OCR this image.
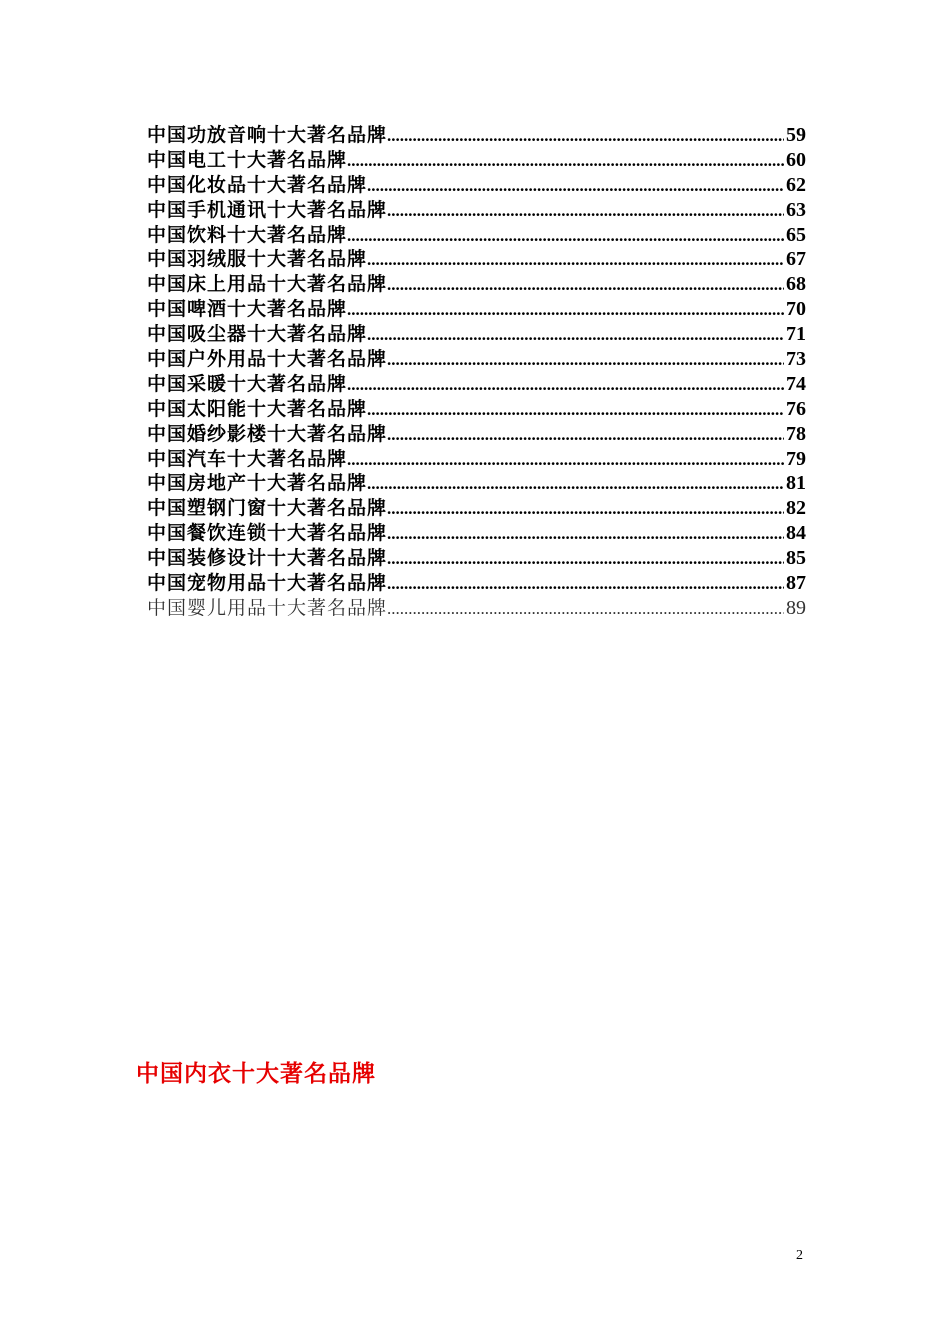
中国功放音响十大著名品牌 .....	59
中国电工十大著名品牌 .....	60
中国化妆品十大著名品牌 .....	62
中国手机通讯十大著名品牌 .....	63
中国饮料十大著名品牌 .....	65
中国羽绒服十大著名品牌 .....	67
中国床上用品十大著名品牌 .....	68
中国啤酒十大著名品牌 .....	70
中国吸尘器十大著名品牌 .....	71
中国户外用品十大著名品牌 .....	73
中国采暖十大著名品牌 .....	74
中国太阳能十大著名品牌 .....	76
中国婚纱影楼十大著名品牌 .....	78
中国汽车十大著名品牌 .....	79
中国房地产十大著名品牌 .....	81
中国塑钢门窗十大著名品牌 .....	82
中国餐饮连锁十大著名品牌 .....	84
中国装修设计十大著名品牌 .....	85
中国宠物用品十大著名品牌 .....	87
中国婴儿用品十大著名品牌 .....	89
中国内衣十大著名品牌
2
